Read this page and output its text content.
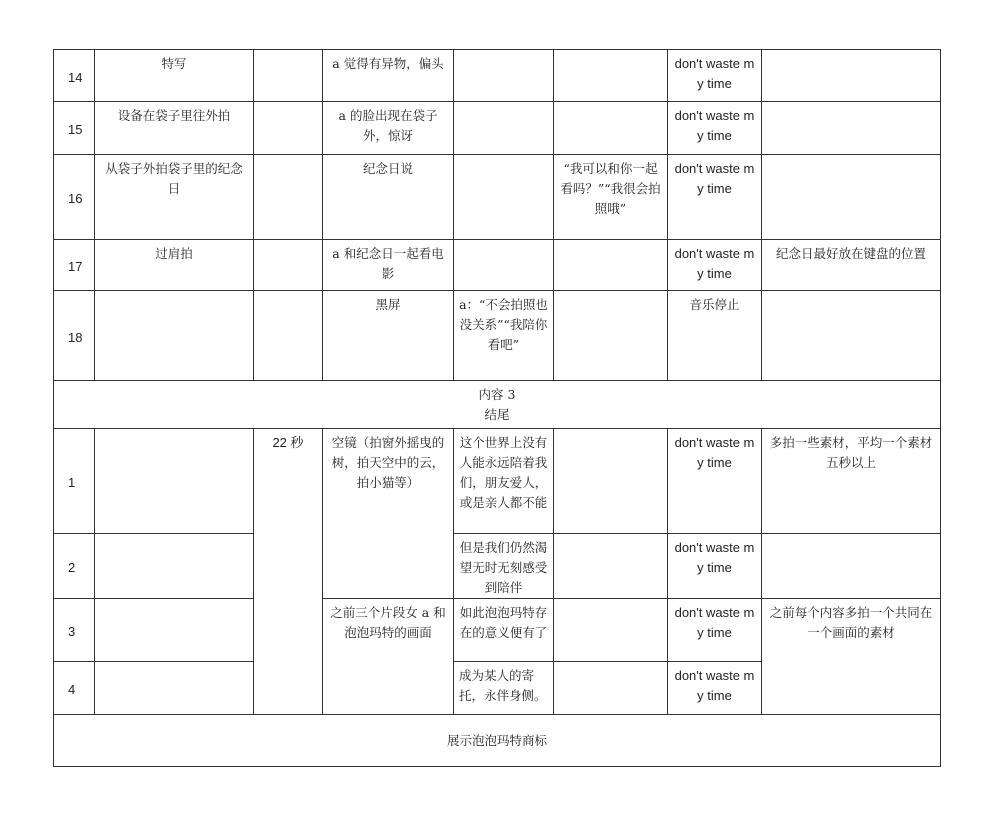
14	特写		a 觉得有异物，偏头			don't waste my time	
15	设备在袋子里往外拍		a 的脸出现在袋子外，惊讶			don't waste my time	
16	从袋子外拍袋子里的纪念日		纪念日说		“我可以和你一起看吗？”“我很会拍照哦”	don't waste my time	
17	过肩拍		a 和纪念日一起看电影			don't waste my time	纪念日最好放在键盘的位置
18			黑屏	a：“不会拍照也没关系”“我陪你看吧”		音乐停止	

内容 3
结尾							

1		22 秒	空镜（拍窗外摇曳的树，拍天空中的云，拍小猫等）	这个世界上没有人能永远陪着我们，朋友爱人，或是亲人都不能		don't waste my time	多拍一些素材，平均一个素材五秒以上
2				但是我们仍然渴望无时无刻感受到陪伴		don't waste my time	
3			之前三个片段女 a 和泡泡玛特的画面	如此泡泡玛特存在的意义便有了		don't waste my time	之前每个内容多拍一个共同在一个画面的素材
4				成为某人的寄托，永伴身侧。		don't waste my time	
展示泡泡玛特商标							
